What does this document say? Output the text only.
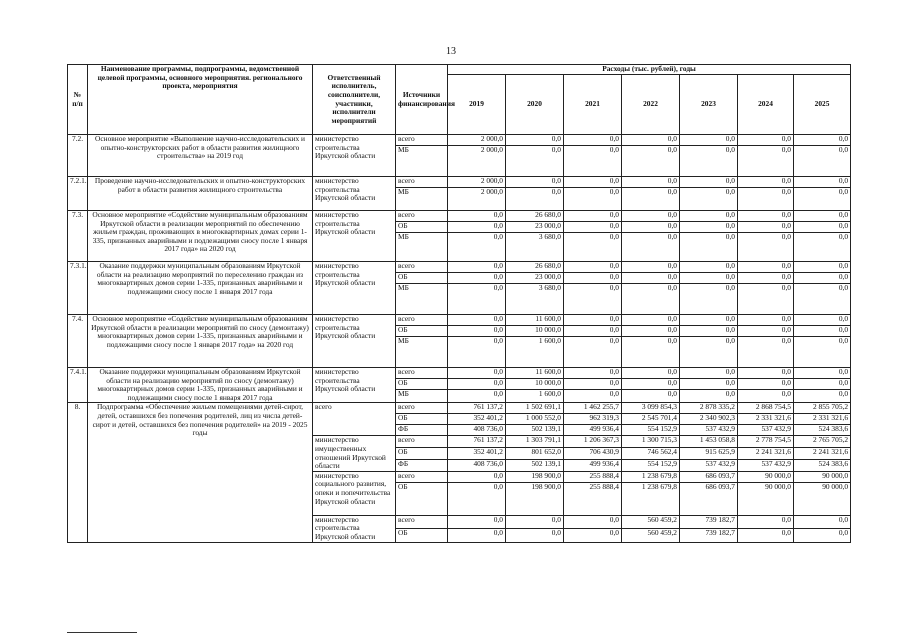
13
№ п/п	Наименование программы, подпрограммы, ведомственной целевой программы, основного мероприятия. регионального проекта, мероприятия	Ответственный исполнитель, соисполнители, участники, исполнители мероприятий	Источники финансирования	Расходы (тыс. рублей), годы						
				2019	2020	2021	2022	2023	2024	2025
7.2.	Основное мероприятие «Выполнение научно-исследовательских и опытно-конструкторских работ в области развития жилищного строительства» на 2019 год	министерство строительства Иркутской области	всего	2 000,0	0,0	0,0	0,0	0,0	0,0	0,0
			МБ	2 000,0	0,0	0,0	0,0	0,0	0,0	0,0
7.2.1.	Проведение научно-исследовательских и опытно-конструкторских работ в области развития жилищного строительства	министерство строительства Иркутской области	всего	2 000,0	0,0	0,0	0,0	0,0	0,0	0,0
			МБ	2 000,0	0,0	0,0	0,0	0,0	0,0	0,0
7.3.	Основное мероприятие «Содействие муниципальным образованиям Иркутской области в реализации мероприятий по обеспечению жильем граждан, проживающих в многоквартирных домах серии 1-335, признанных аварийными и подлежащими сносу после 1 января 2017 года» на 2020 год	министерство строительства Иркутской области	всего	0,0	26 680,0	0,0	0,0	0,0	0,0	0,0
			ОБ	0,0	23 000,0	0,0	0,0	0,0	0,0	0,0
			МБ	0,0	3 680,0	0,0	0,0	0,0	0,0	0,0
7.3.1.	Оказание поддержки муниципальным образованиям Иркутской области на реализацию мероприятий по переселению граждан из многоквартирных домов серии 1-335, признанных аварийными и подлежащими сносу после 1 января 2017 года	министерство строительства Иркутской области	всего	0,0	26 680,0	0,0	0,0	0,0	0,0	0,0
			ОБ	0,0	23 000,0	0,0	0,0	0,0	0,0	0,0
			МБ	0,0	3 680,0	0,0	0,0	0,0	0,0	0,0
7.4.	Основное мероприятие «Содействие муниципальным образованиям Иркутской области в реализации мероприятий по сносу (демонтажу) многоквартирных домов серии 1-335, признанных аварийными и подлежащими сносу после 1 января 2017 года» на 2020 год	министерство строительства Иркутской области	всего	0,0	11 600,0	0,0	0,0	0,0	0,0	0,0
			ОБ	0,0	10 000,0	0,0	0,0	0,0	0,0	0,0
			МБ	0,0	1 600,0	0,0	0,0	0,0	0,0	0,0
7.4.1.	Оказание поддержки муниципальным образованиям Иркутской области на реализацию мероприятий по сносу (демонтажу) многоквартирных домов серии 1-335, признанных аварийными и подлежащими сносу после 1 января 2017 года	министерство строительства Иркутской области	всего	0,0	11 600,0	0,0	0,0	0,0	0,0	0,0
			ОБ	0,0	10 000,0	0,0	0,0	0,0	0,0	0,0
			МБ	0,0	1 600,0	0,0	0,0	0,0	0,0	0,0
8.	Подпрограмма «Обеспечение жильем помещениями детей-сирот, детей, оставшихся без попечения родителей, лиц из числа детей-сирот и детей, оставшихся без попечения родителей» на 2019 - 2025 годы	всего	всего	761 137,2	1 502 691,1	1 462 255,7	3 099 854,3	2 878 335,2	2 868 754,5	2 855 705,2
			ОБ	352 401,2	1 000 552,0	962 319,3	2 545 701,4	2 340 902,3	2 331 321,6	2 331 321,6
			ФБ	408 736,0	502 139,1	499 936,4	554 152,9	537 432,9	537 432,9	524 383,6
		министерство имущественных отношений Иркутской области	всего	761 137,2	1 303 791,1	1 206 367,3	1 300 715,3	1 453 058,8	2 778 754,5	2 765 705,2
			ОБ	352 401,2	801 652,0	706 430,9	746 562,4	915 625,9	2 241 321,6	2 241 321,6
			ФБ	408 736,0	502 139,1	499 936,4	554 152,9	537 432,9	537 432,9	524 383,6
		министерство социального развития, опеки и попечительства Иркутской области	всего	0,0	198 900,0	255 888,4	1 238 679,8	686 093,7	90 000,0	90 000,0
			ОБ	0,0	198 900,0	255 888,4	1 238 679,8	686 093,7	90 000,0	90 000,0
		министерство строительства Иркутской области	всего	0,0	0,0	0,0	560 459,2	739 182,7	0,0	0,0
			ОБ	0,0	0,0	0,0	560 459,2	739 182,7	0,0	0,0
